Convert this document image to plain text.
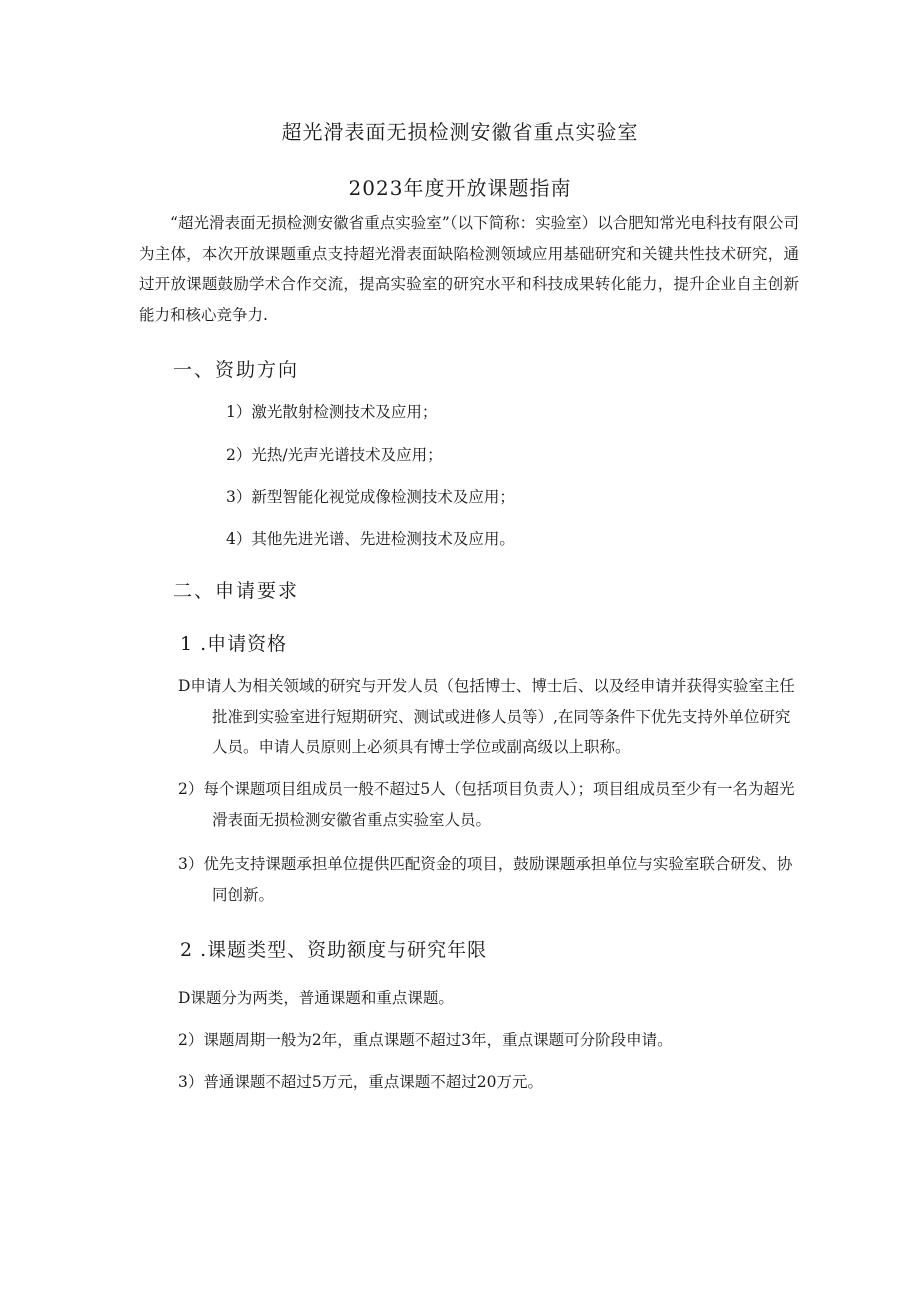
超光滑表面无损检测安徽省重点实验室
2023年度开放课题指南
“超光滑表面无损检测安徽省重点实验室”（以下简称：实验室）以合肥知常光电科技有限公司为主体，本次开放课题重点支持超光滑表面缺陷检测领域应用基础研究和关键共性技术研究，通过开放课题鼓励学术合作交流，提高实验室的研究水平和科技成果转化能力，提升企业自主创新能力和核心竞争力.
一、资助方向
1）激光散射检测技术及应用；
2）光热/光声光谱技术及应用；
3）新型智能化视觉成像检测技术及应用；
4）其他先进光谱、先进检测技术及应用。
二、申请要求
1 .申请资格
D申请人为相关领域的研究与开发人员（包括博士、博士后、以及经申请并获得实验室主任批准到实验室进行短期研究、测试或进修人员等）,在同等条件下优先支持外单位研究人员。申请人员原则上必须具有博士学位或副高级以上职称。
2）每个课题项目组成员一般不超过5人（包括项目负责人）；项目组成员至少有一名为超光滑表面无损检测安徽省重点实验室人员。
3）优先支持课题承担单位提供匹配资金的项目，鼓励课题承担单位与实验室联合研发、协同创新。
2 .课题类型、资助额度与研究年限
D课题分为两类，普通课题和重点课题。
2）课题周期一般为2年，重点课题不超过3年，重点课题可分阶段申请。
3）普通课题不超过5万元，重点课题不超过20万元。
